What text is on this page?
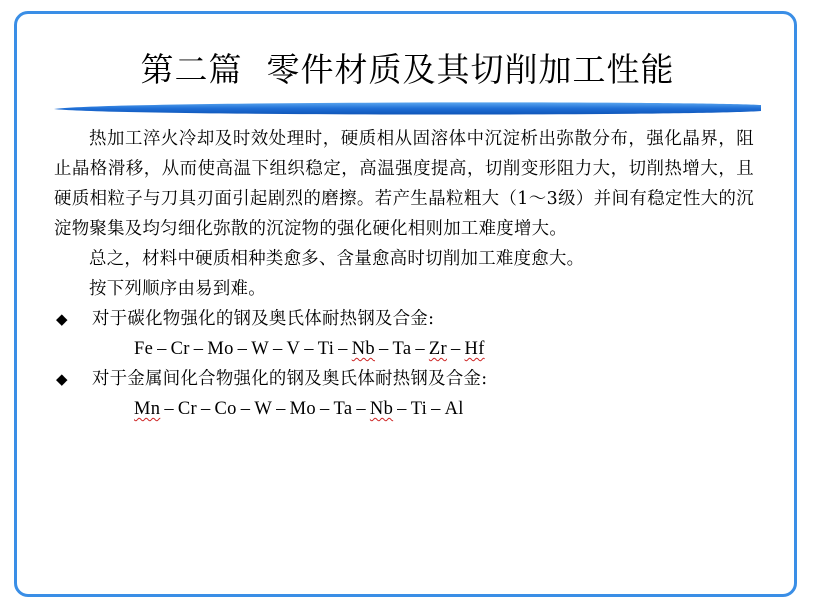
第二篇 零件材质及其切削加工性能

热加工淬火冷却及时效处理时，硬质相从固溶体中沉淀析出弥散分布，强化晶界，阻止晶格滑移，从而使高温下组织稳定，高温强度提高，切削变形阻力大，切削热增大，且硬质相粒子与刀具刃面引起剧烈的磨擦。若产生晶粒粗大（1～3级）并间有稳定性大的沉淀物聚集及均匀细化弥散的沉淀物的强化硬化相则加工难度增大。

总之，材料中硬质相种类愈多、含量愈高时切削加工难度愈大。

按下列顺序由易到难。

◆ 对于碳化物强化的钢及奥氏体耐热钢及合金:

Fe – Cr – Mo – W – V – Ti – Nb – Ta – Zr – Hf

◆ 对于金属间化合物强化的钢及奥氏体耐热钢及合金:

Mn – Cr – Co – W – Mo – Ta – Nb – Ti – Al
